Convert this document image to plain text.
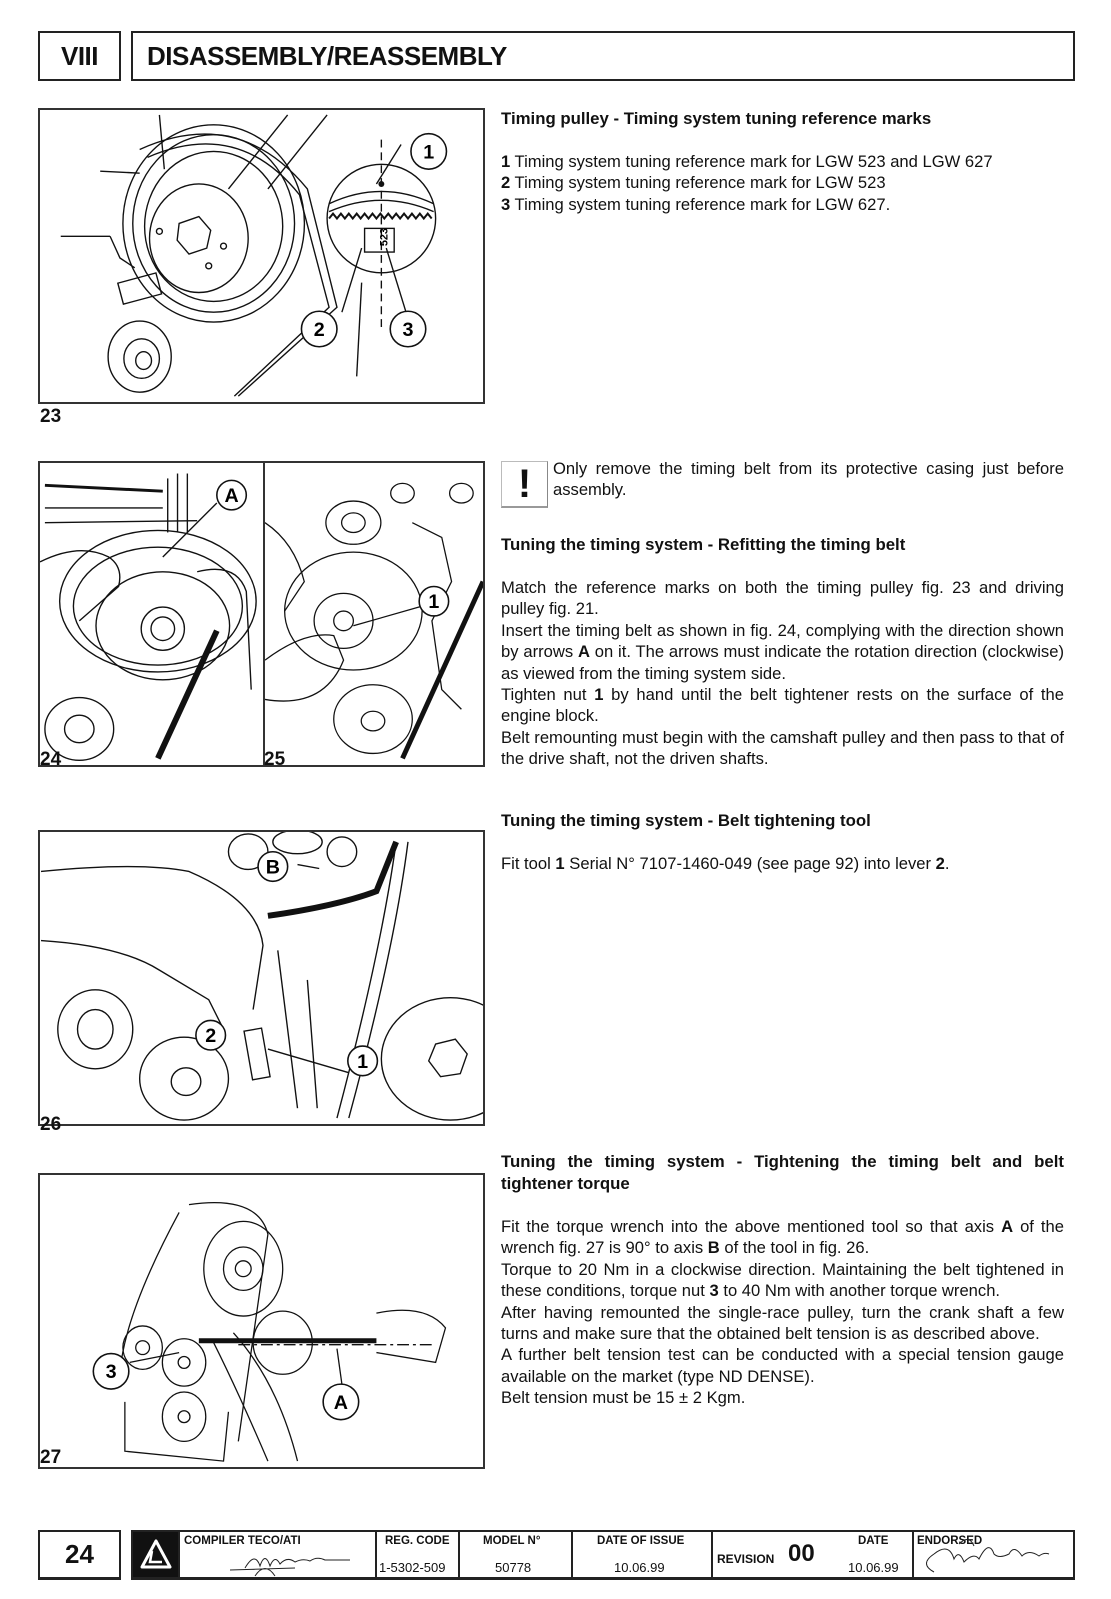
VIII	DISASSEMBLY/REASSEMBLY
523
1
2	3
23
A
24
1
25
B
2
1
26
3
A
27
Timing pulley - Timing system tuning reference marks
1 Timing system tuning reference mark for LGW 523 and LGW 627
2 Timing system tuning reference mark for LGW 523
3 Timing system tuning reference mark for LGW 627.
!	Only remove the timing belt from its protective casing just before assembly.
Tuning the timing system - Refitting the timing belt

Match the reference marks on both the timing pulley fig. 23 and driving pulley fig. 21.

Insert the timing belt as shown in fig. 24, complying with the direction shown by arrows A on it. The arrows must indicate the rotation direction (clockwise) as viewed from the timing system side.

Tighten nut 1 by hand until the belt tightener rests on the surface of the engine block.

Belt remounting must begin with the camshaft pulley and then pass to that of the drive shaft, not the driven shafts.

Tuning the timing system - Belt tightening tool

Fit tool 1 Serial N° 7107-1460-049 (see page 92) into lever 2.

Tuning the timing system - Tightening the timing belt and belt tightener torque

Fit the torque wrench into the above mentioned tool so that axis A of the wrench fig. 27 is 90° to axis B of the tool in fig. 26.

Torque to 20 Nm in a clockwise direction. Maintaining the belt tightened in these conditions, torque nut 3 to 40 Nm with another torque wrench.

After having remounted the single-race pulley, turn the crank shaft a few turns and make sure that the obtained belt tension is as described above.

A further belt tension test can be conducted with a special tension gauge available on the market (type ND DENSE).

Belt tension must be 15 ± 2 Kgm.

24	COMPILER TECO/ATI	REG. CODE
1-5302-509
MODEL N°
50778
DATE OF ISSUE
10.06.99
REVISION 00	DATE
10.06.99
ENDORSED
